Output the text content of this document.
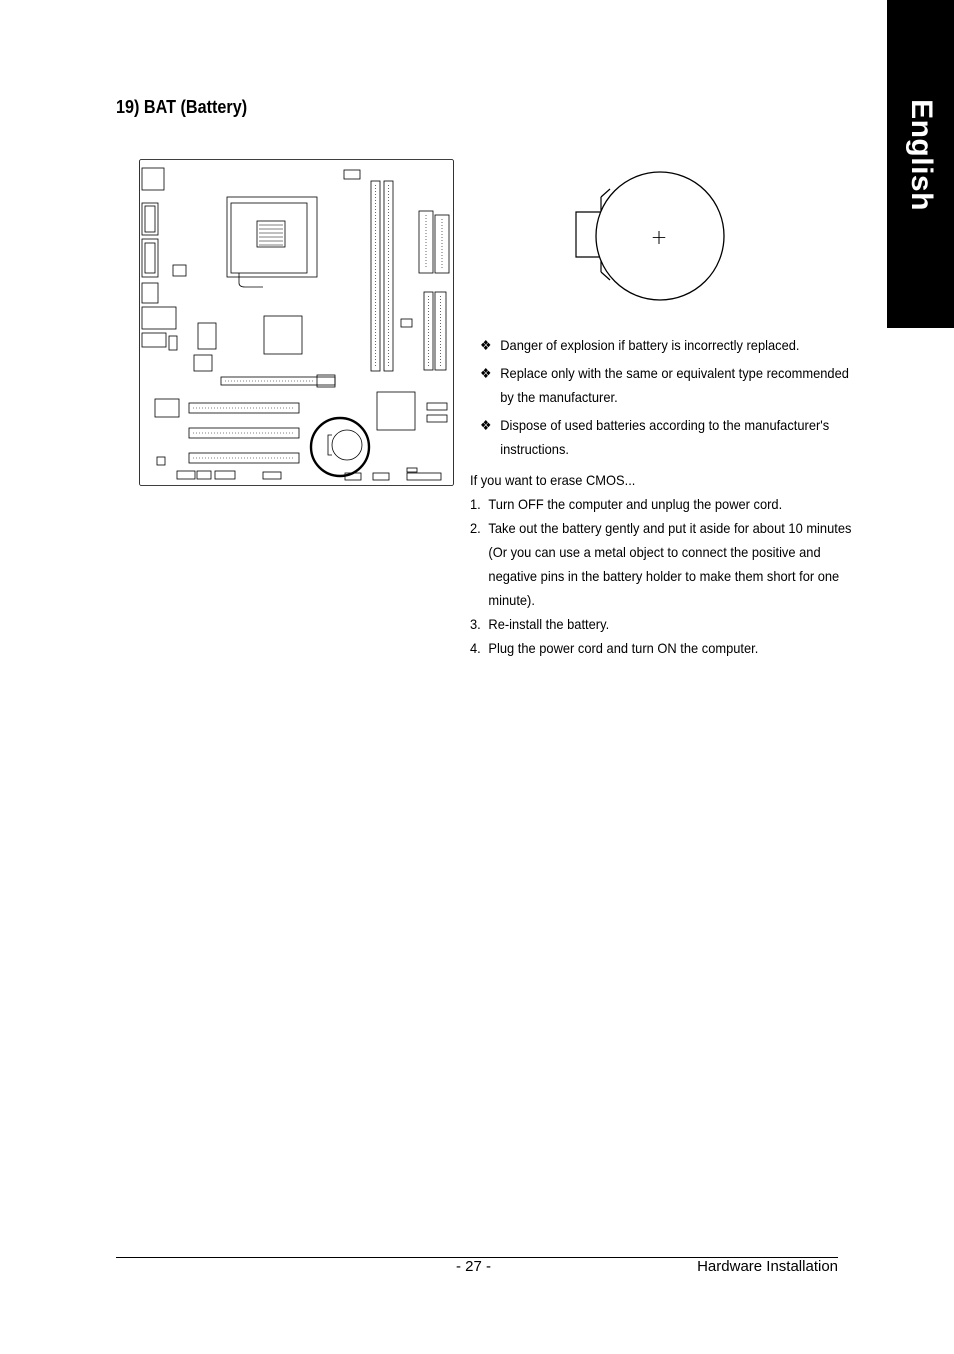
English
19) BAT (Battery)
+
❖ Danger of explosion if battery is incorrectly replaced.
❖ Replace only with the same or equivalent type recommended by the manufacturer.
❖ Dispose of used batteries according to the manufacturer's instructions.
If you want to erase CMOS...
1. Turn OFF the computer and unplug the power cord.
2. Take out the battery gently and put it aside for about 10 minutes (Or you can use a metal object to connect the positive and negative pins in the battery holder to make them short for one minute).
3. Re-install the battery.
4. Plug the power cord and turn ON the computer.
- 27 -	Hardware Installation
